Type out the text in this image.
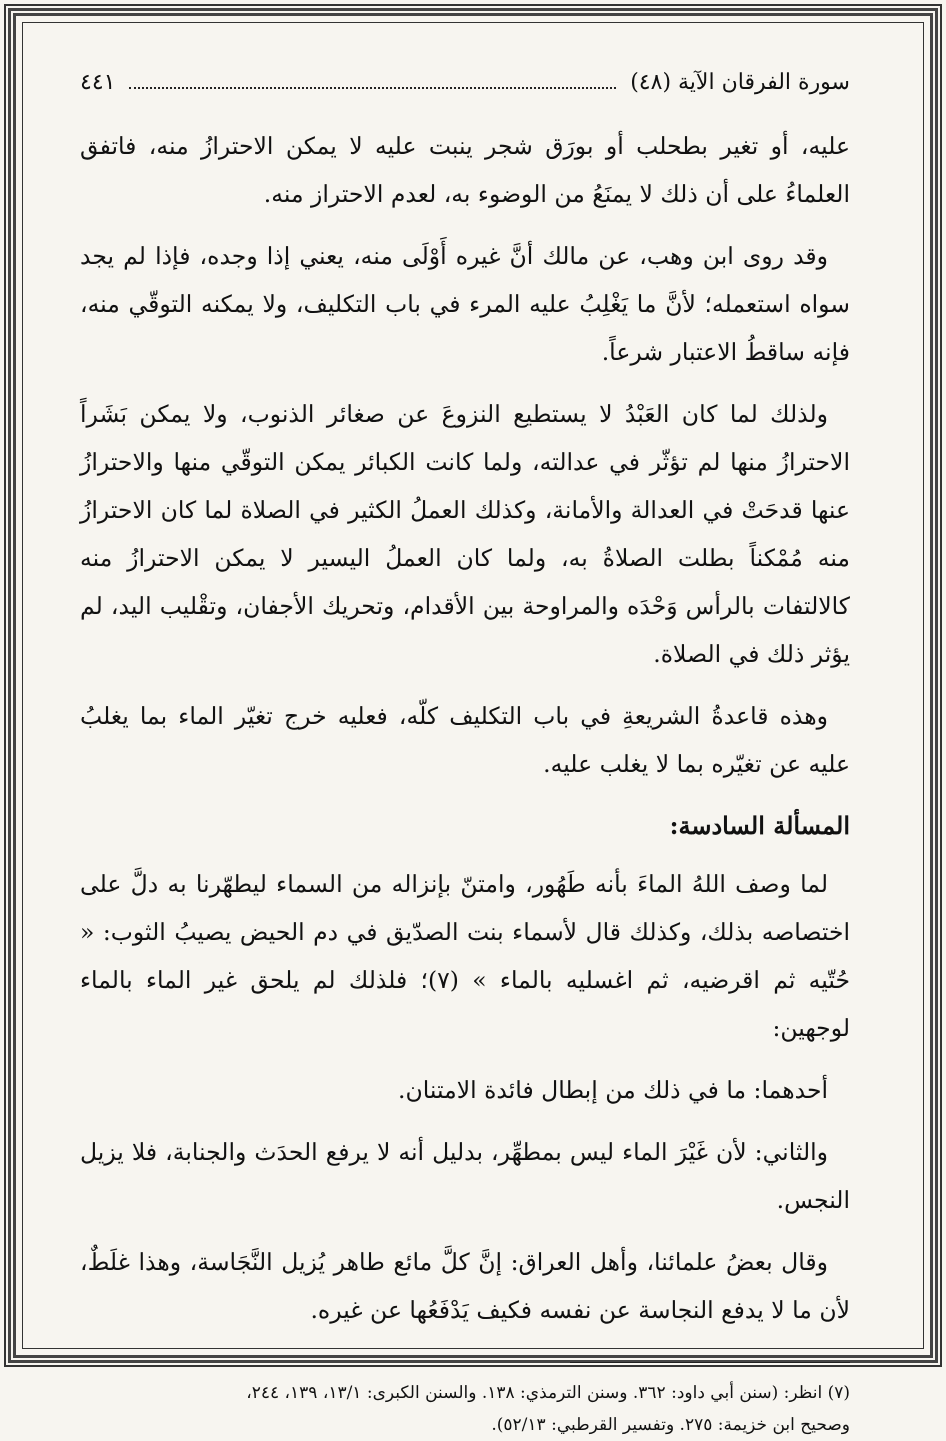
سورة الفرقان الآية (٤٨)
٤٤١

عليه، أو تغير بطحلب أو بورَق شجر ينبت عليه لا يمكن الاحترازُ منه، فاتفق العلماءُ على أن ذلك لا يمنَعُ من الوضوء به، لعدم الاحتراز منه.

وقد روى ابن وهب، عن مالك أنَّ غيره أَوْلَى منه، يعني إذا وجده، فإذا لم يجد سواه استعمله؛ لأنَّ ما يَغْلِبُ عليه المرء في باب التكليف، ولا يمكنه التوقّي منه، فإنه ساقطُ الاعتبار شرعاً.

ولذلك لما كان العَبْدُ لا يستطيع النزوعَ عن صغائر الذنوب، ولا يمكن بَشَراً الاحترازُ منها لم تؤثّر في عدالته، ولما كانت الكبائر يمكن التوقّي منها والاحترازُ عنها قدحَتْ في العدالة والأمانة، وكذلك العملُ الكثير في الصلاة لما كان الاحترازُ منه مُمْكناً بطلت الصلاةُ به، ولما كان العملُ اليسير لا يمكن الاحترازُ منه كالالتفات بالرأس وَحْدَه والمراوحة بين الأقدام، وتحريك الأجفان، وتقْليب اليد، لم يؤثر ذلك في الصلاة.

وهذه قاعدةُ الشريعةِ في باب التكليف كلّه، فعليه خرج تغيّر الماء بما يغلبُ عليه عن تغيّره بما لا يغلب عليه.

المسألة السادسة:

لما وصف اللهُ الماءَ بأنه طَهُور، وامتنّ بإنزاله من السماء ليطهّرنا به دلَّ على اختصاصه بذلك، وكذلك قال لأسماء بنت الصدّيق في دم الحيض يصيبُ الثوب: « حُتّيه ثم اقرضيه، ثم اغسليه بالماء » (٧)؛ فلذلك لم يلحق غير الماء بالماء لوجهين:

أحدهما: ما في ذلك من إبطال فائدة الامتنان.

والثاني: لأن غَيْرَ الماء ليس بمطهِّر، بدليل أنه لا يرفع الحدَث والجنابة، فلا يزيل النجس.

وقال بعضُ علمائنا، وأهل العراق: إنَّ كلَّ مائع طاهر يُزيل النَّجَاسة، وهذا غلَطٌ، لأن ما لا يدفع النجاسة عن نفسه فكيف يَدْفَعُها عن غيره.

(٧) انظر: (سنن أبي داود: ٣٦٢. وسنن الترمذي: ١٣٨. والسنن الكبرى: ١٣/١، ١٣٩، ٢٤٤،
وصحيح ابن خزيمة: ٢٧٥. وتفسير القرطبي: ٥٢/١٣).
